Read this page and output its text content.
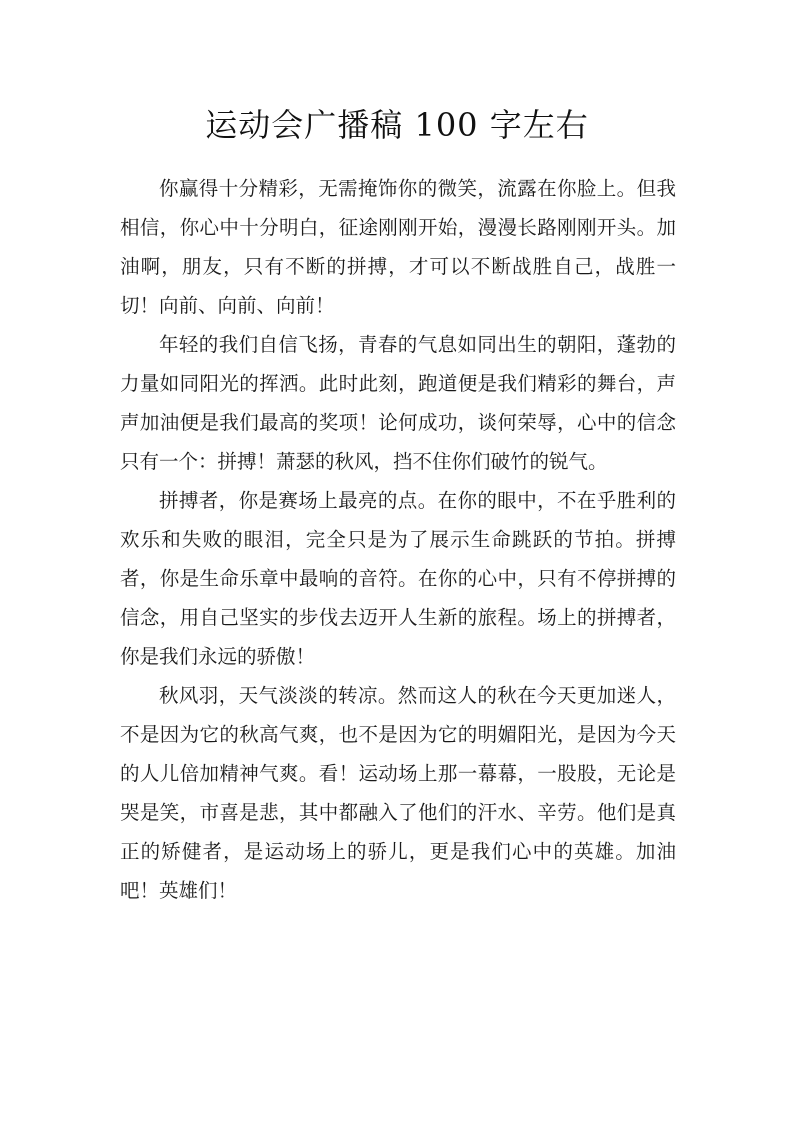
运动会广播稿 100 字左右

你赢得十分精彩，无需掩饰你的微笑，流露在你脸上。但我相信，你心中十分明白，征途刚刚开始，漫漫长路刚刚开头。加油啊，朋友，只有不断的拼搏，才可以不断战胜自己，战胜一切！向前、向前、向前！

年轻的我们自信飞扬，青春的气息如同出生的朝阳，蓬勃的力量如同阳光的挥洒。此时此刻，跑道便是我们精彩的舞台，声声加油便是我们最高的奖项！论何成功，谈何荣辱，心中的信念只有一个：拼搏！萧瑟的秋风，挡不住你们破竹的锐气。

拼搏者，你是赛场上最亮的点。在你的眼中，不在乎胜利的欢乐和失败的眼泪，完全只是为了展示生命跳跃的节拍。拼搏者，你是生命乐章中最响的音符。在你的心中，只有不停拼搏的信念，用自己坚实的步伐去迈开人生新的旅程。场上的拼搏者，你是我们永远的骄傲！

秋风羽，天气淡淡的转凉。然而这人的秋在今天更加迷人，不是因为它的秋高气爽，也不是因为它的明媚阳光，是因为今天的人儿倍加精神气爽。看！运动场上那一幕幕，一股股，无论是哭是笑，市喜是悲，其中都融入了他们的汗水、辛劳。他们是真正的矫健者，是运动场上的骄儿，更是我们心中的英雄。加油吧！英雄们！
